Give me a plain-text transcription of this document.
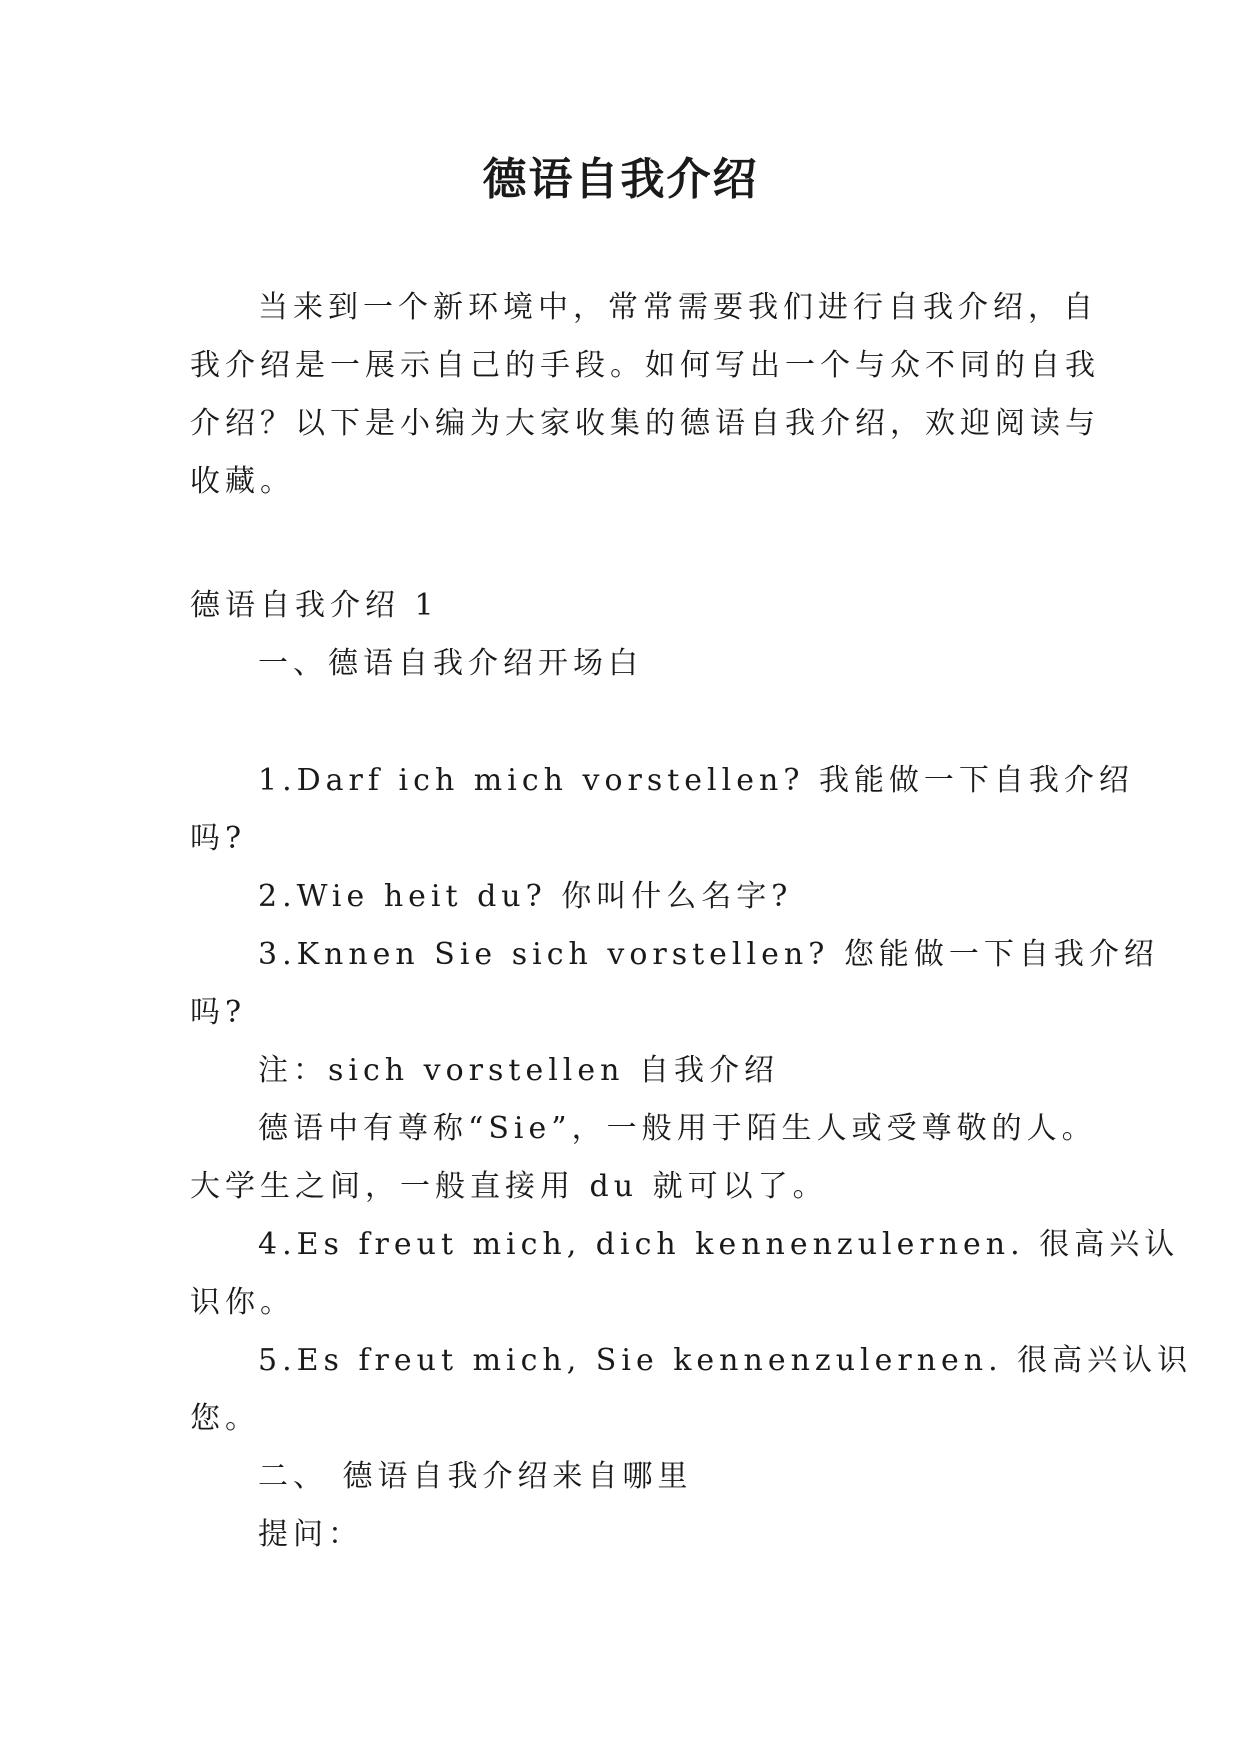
德语自我介绍
当来到一个新环境中，常常需要我们进行自我介绍，自
我介绍是一展示自己的手段。如何写出一个与众不同的自我
介绍？以下是小编为大家收集的德语自我介绍，欢迎阅读与
收藏。
德语自我介绍 1
一、德语自我介绍开场白
1.Darf ich mich vorstellen? 我能做一下自我介绍
吗?
2.Wie heit du? 你叫什么名字?
3.Knnen Sie sich vorstellen? 您能做一下自我介绍
吗?
注：sich vorstellen 自我介绍
德语中有尊称“Sie”，一般用于陌生人或受尊敬的人。
大学生之间，一般直接用 du 就可以了。
4.Es freut mich, dich kennenzulernen. 很高兴认
识你。
5.Es freut mich, Sie kennenzulernen. 很高兴认识
您。
二、 德语自我介绍来自哪里
提问：
